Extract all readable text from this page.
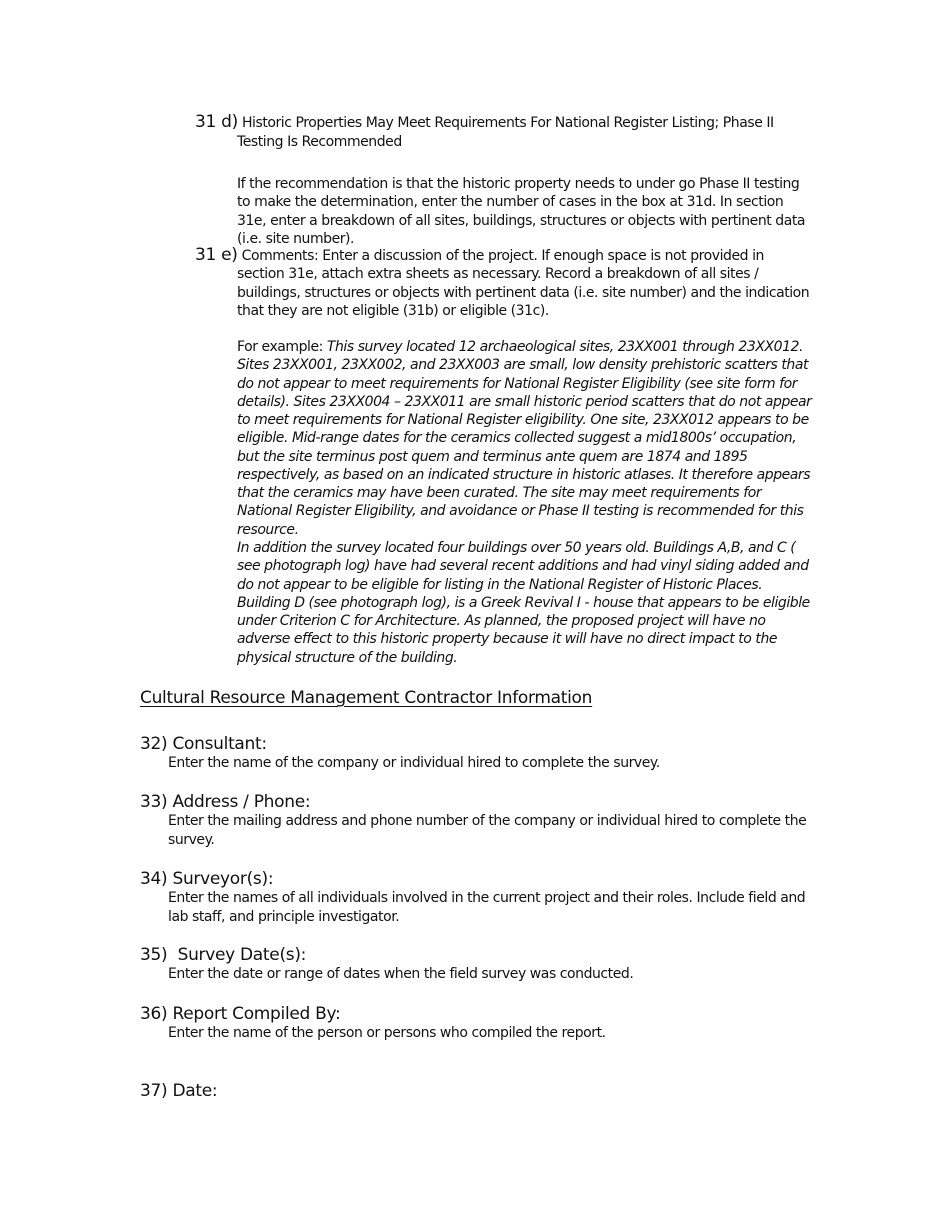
31 d) Historic Properties May Meet Requirements For National Register Listing; Phase II Testing Is Recommended
If the recommendation is that the historic property needs to under go Phase II testing to make the determination, enter the number of cases in the box at 31d. In section 31e, enter a breakdown of all sites, buildings, structures or objects with pertinent data (i.e. site number).
31 e) Comments: Enter a discussion of the project. If enough space is not provided in section 31e, attach extra sheets as necessary. Record a breakdown of all sites / buildings, structures or objects with pertinent data (i.e. site number) and the indication that they are not eligible (31b) or eligible (31c).
For example: This survey located 12 archaeological sites, 23XX001 through 23XX012. Sites 23XX001, 23XX002, and 23XX003 are small, low density prehistoric scatters that do not appear to meet requirements for National Register Eligibility (see site form for details). Sites 23XX004 – 23XX011 are small historic period scatters that do not appear to meet requirements for National Register eligibility. One site, 23XX012 appears to be eligible. Mid-range dates for the ceramics collected suggest a mid1800s’ occupation, but the site terminus post quem and terminus ante quem are 1874 and 1895 respectively, as based on an indicated structure in historic atlases. It therefore appears that the ceramics may have been curated. The site may meet requirements for National Register Eligibility, and avoidance or Phase II testing is recommended for this resource.
In addition the survey located four buildings over 50 years old. Buildings A,B, and C ( see photograph log) have had several recent additions and had vinyl siding added and do not appear to be eligible for listing in the National Register of Historic Places. Building D (see photograph log), is a Greek Revival I - house that appears to be eligible under Criterion C for Architecture. As planned, the proposed project will have no adverse effect to this historic property because it will have no direct impact to the physical structure of the building.
Cultural Resource Management Contractor Information
32) Consultant:
Enter the name of the company or individual hired to complete the survey.
33) Address / Phone:
Enter the mailing address and phone number of the company or individual hired to complete the survey.
34) Surveyor(s):
Enter the names of all individuals involved in the current project and their roles. Include field and lab staff, and principle investigator.
35)  Survey Date(s):
Enter the date or range of dates when the field survey was conducted.
36) Report Compiled By:
Enter the name of the person or persons who compiled the report.
37) Date:
